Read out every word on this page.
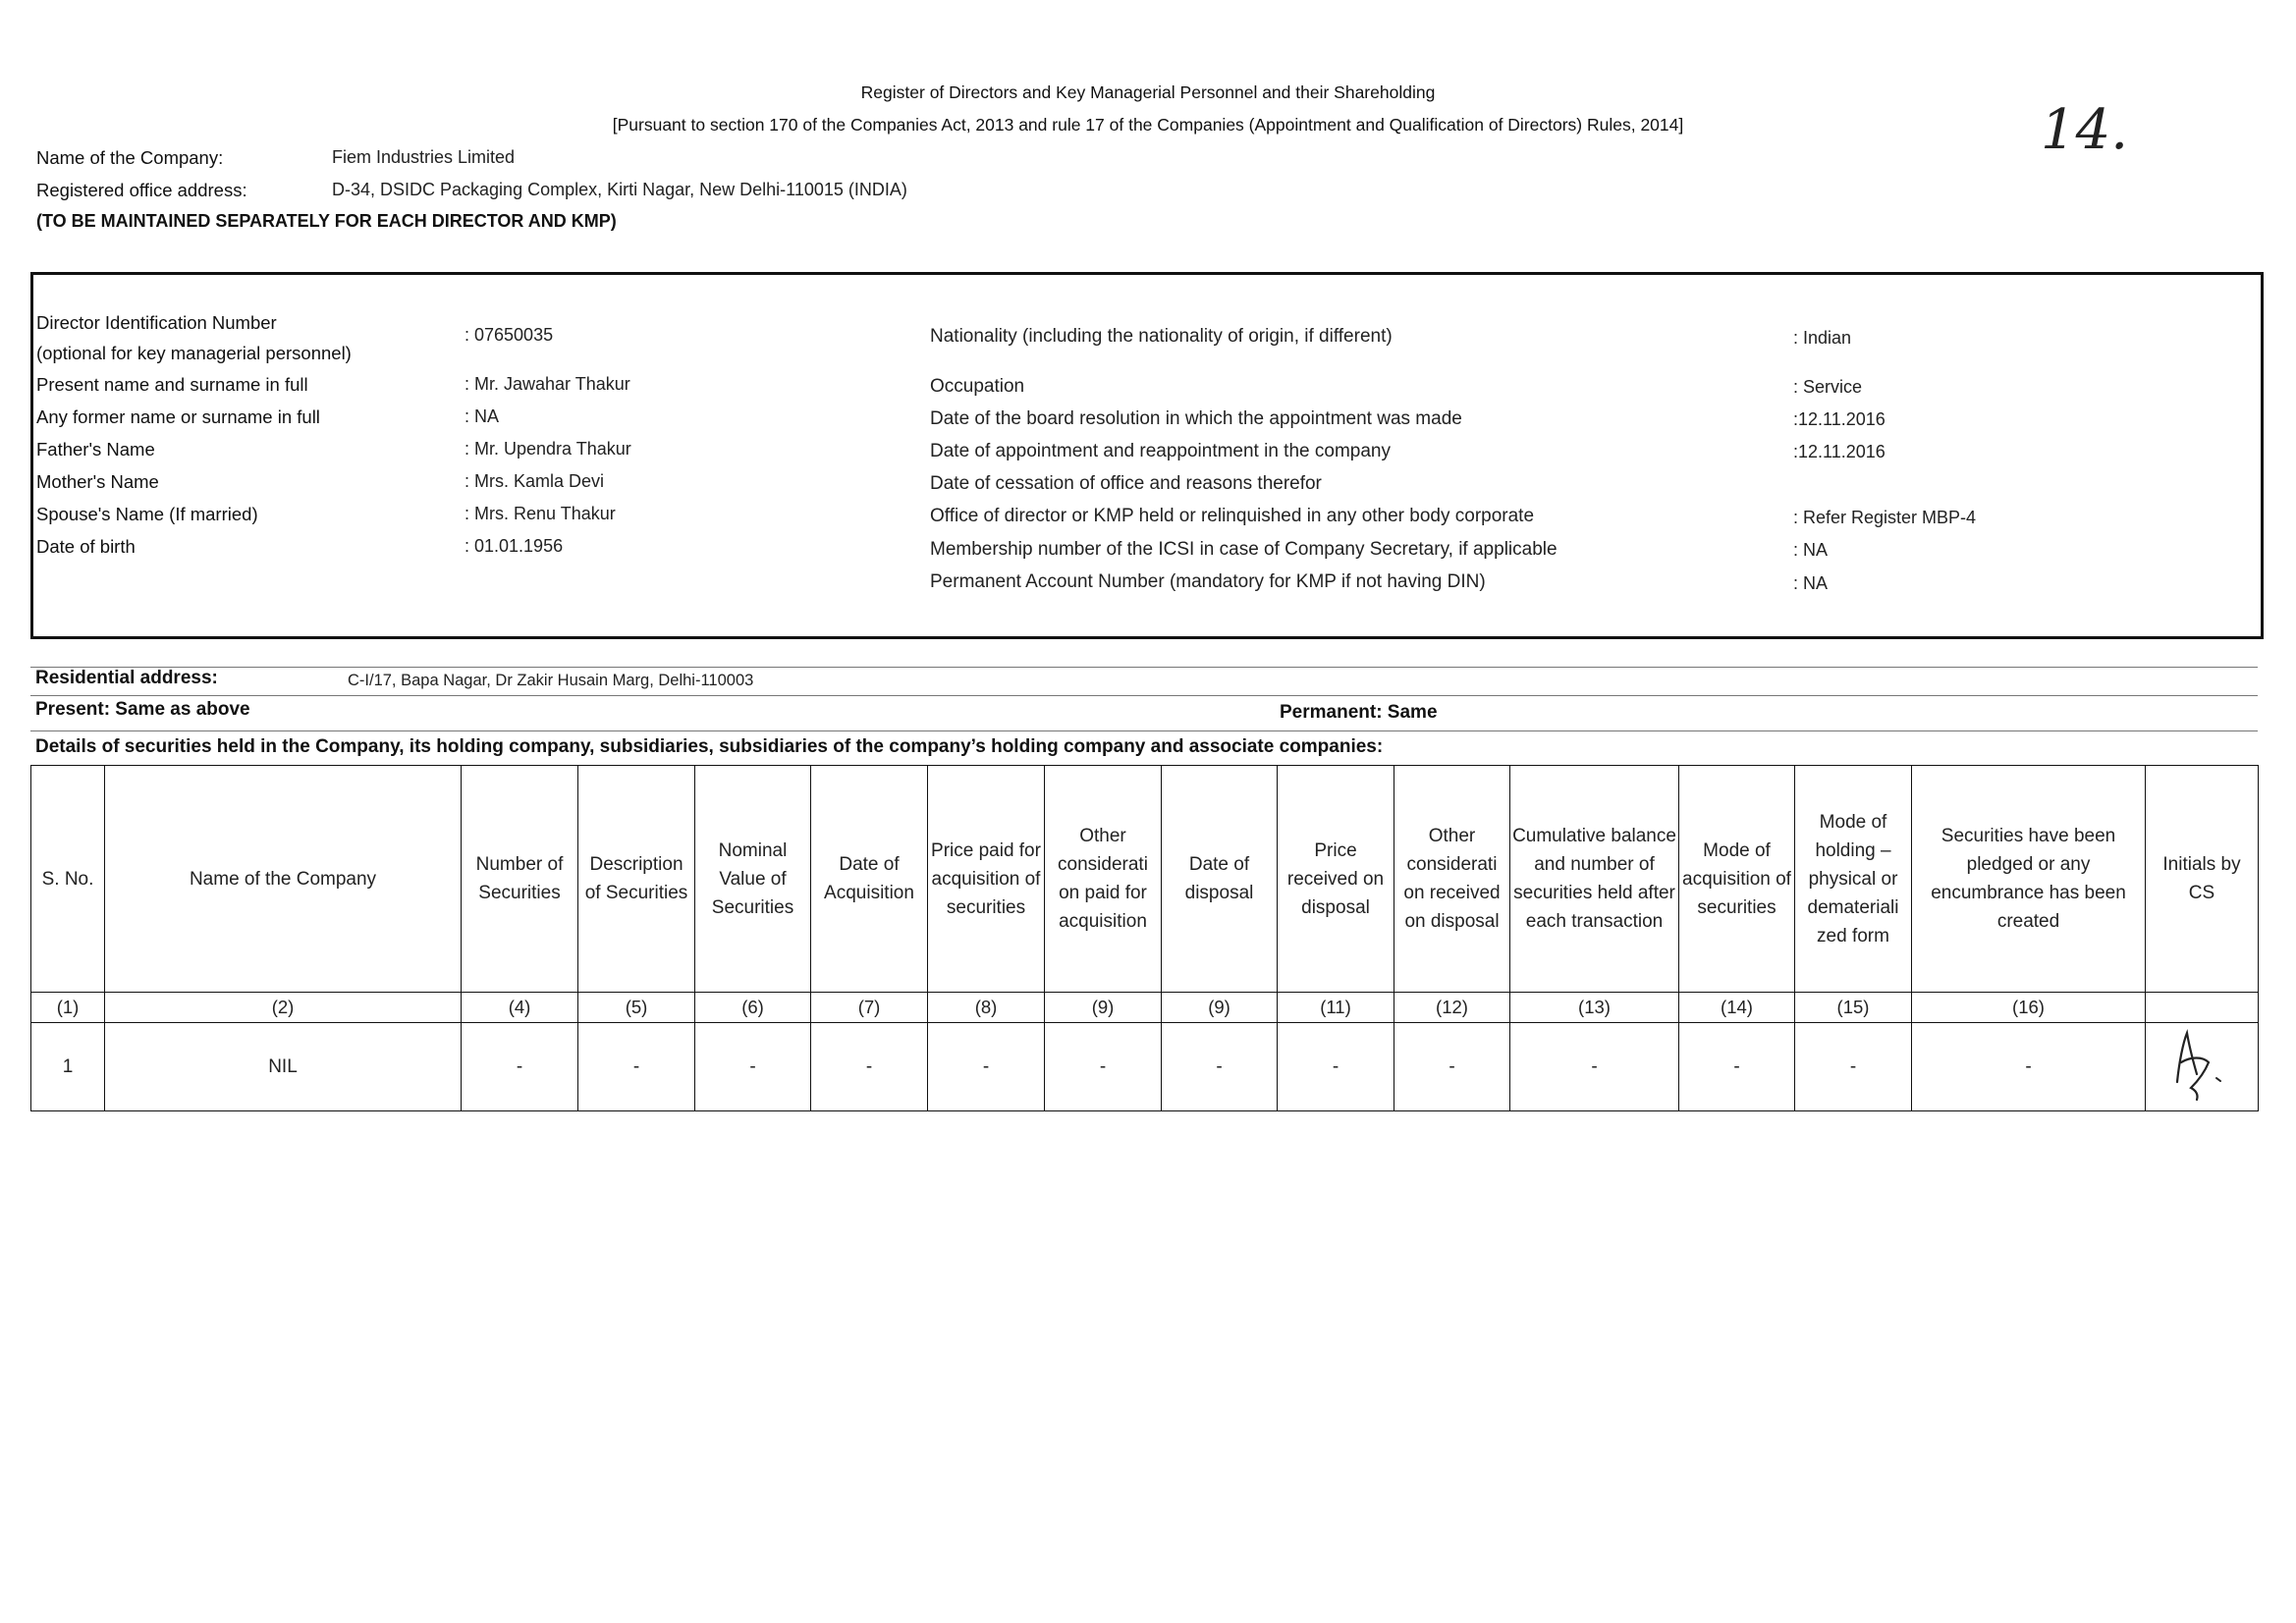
Register of Directors and Key Managerial Personnel and their Shareholding
[Pursuant to section 170 of the Companies Act, 2013 and rule 17 of the Companies (Appointment and Qualification of Directors) Rules, 2014]	14.
Name of the Company:	Fiem Industries Limited
Registered office address:	D-34, DSIDC Packaging Complex, Kirti Nagar, New Delhi-110015 (INDIA)
(TO BE MAINTAINED SEPARATELY FOR EACH DIRECTOR AND KMP)
Director Identification Number
(optional for key managerial personnel)
: 07650035
Present name and surname in full	: Mr. Jawahar Thakur
Any former name or surname in full	: NA
Father's Name	: Mr. Upendra Thakur
Mother's Name	: Mrs. Kamla Devi
Spouse's Name (If married)	: Mrs. Renu Thakur
Date of birth	: 01.01.1956
Nationality (including the nationality of origin, if different)	: Indian
Occupation	: Service
Date of the board resolution in which the appointment was made	:12.11.2016
Date of appointment and reappointment in the company	:12.11.2016
Date of cessation of office and reasons therefor
Office of director or KMP held or relinquished in any other body corporate	: Refer Register MBP-4
Membership number of the ICSI in case of Company Secretary, if applicable	: NA
Permanent Account Number (mandatory for KMP if not having DIN)	: NA
Residential address:	C-I/17, Bapa Nagar, Dr Zakir Husain Marg, Delhi-110003
Present: Same as above	Permanent: Same
Details of securities held in the Company, its holding company, subsidiaries, subsidiaries of the company’s holding company and associate companies:
S. No.	Name of the Company	Number of Securities	Description of Securities	Nominal Value of Securities	Date of Acquisition	Price paid for acquisition of securities	Other considerati on paid for acquisition	Date of disposal	Price received on disposal	Other considerati on received on disposal	Cumulative balance and number of securities held after each transaction	Mode of acquisition of securities	Mode of holding – physical or demateriali zed form	Securities have been pledged or any encumbrance has been created	Initials by CS
(1)	(2)	(4)	(5)	(6)	(7)	(8)	(9)	(9)	(11)	(12)	(13)	(14)	(15)	(16)	
1	NIL	-	-	-	-	-	-	-	-	-	-	-	-	-	
